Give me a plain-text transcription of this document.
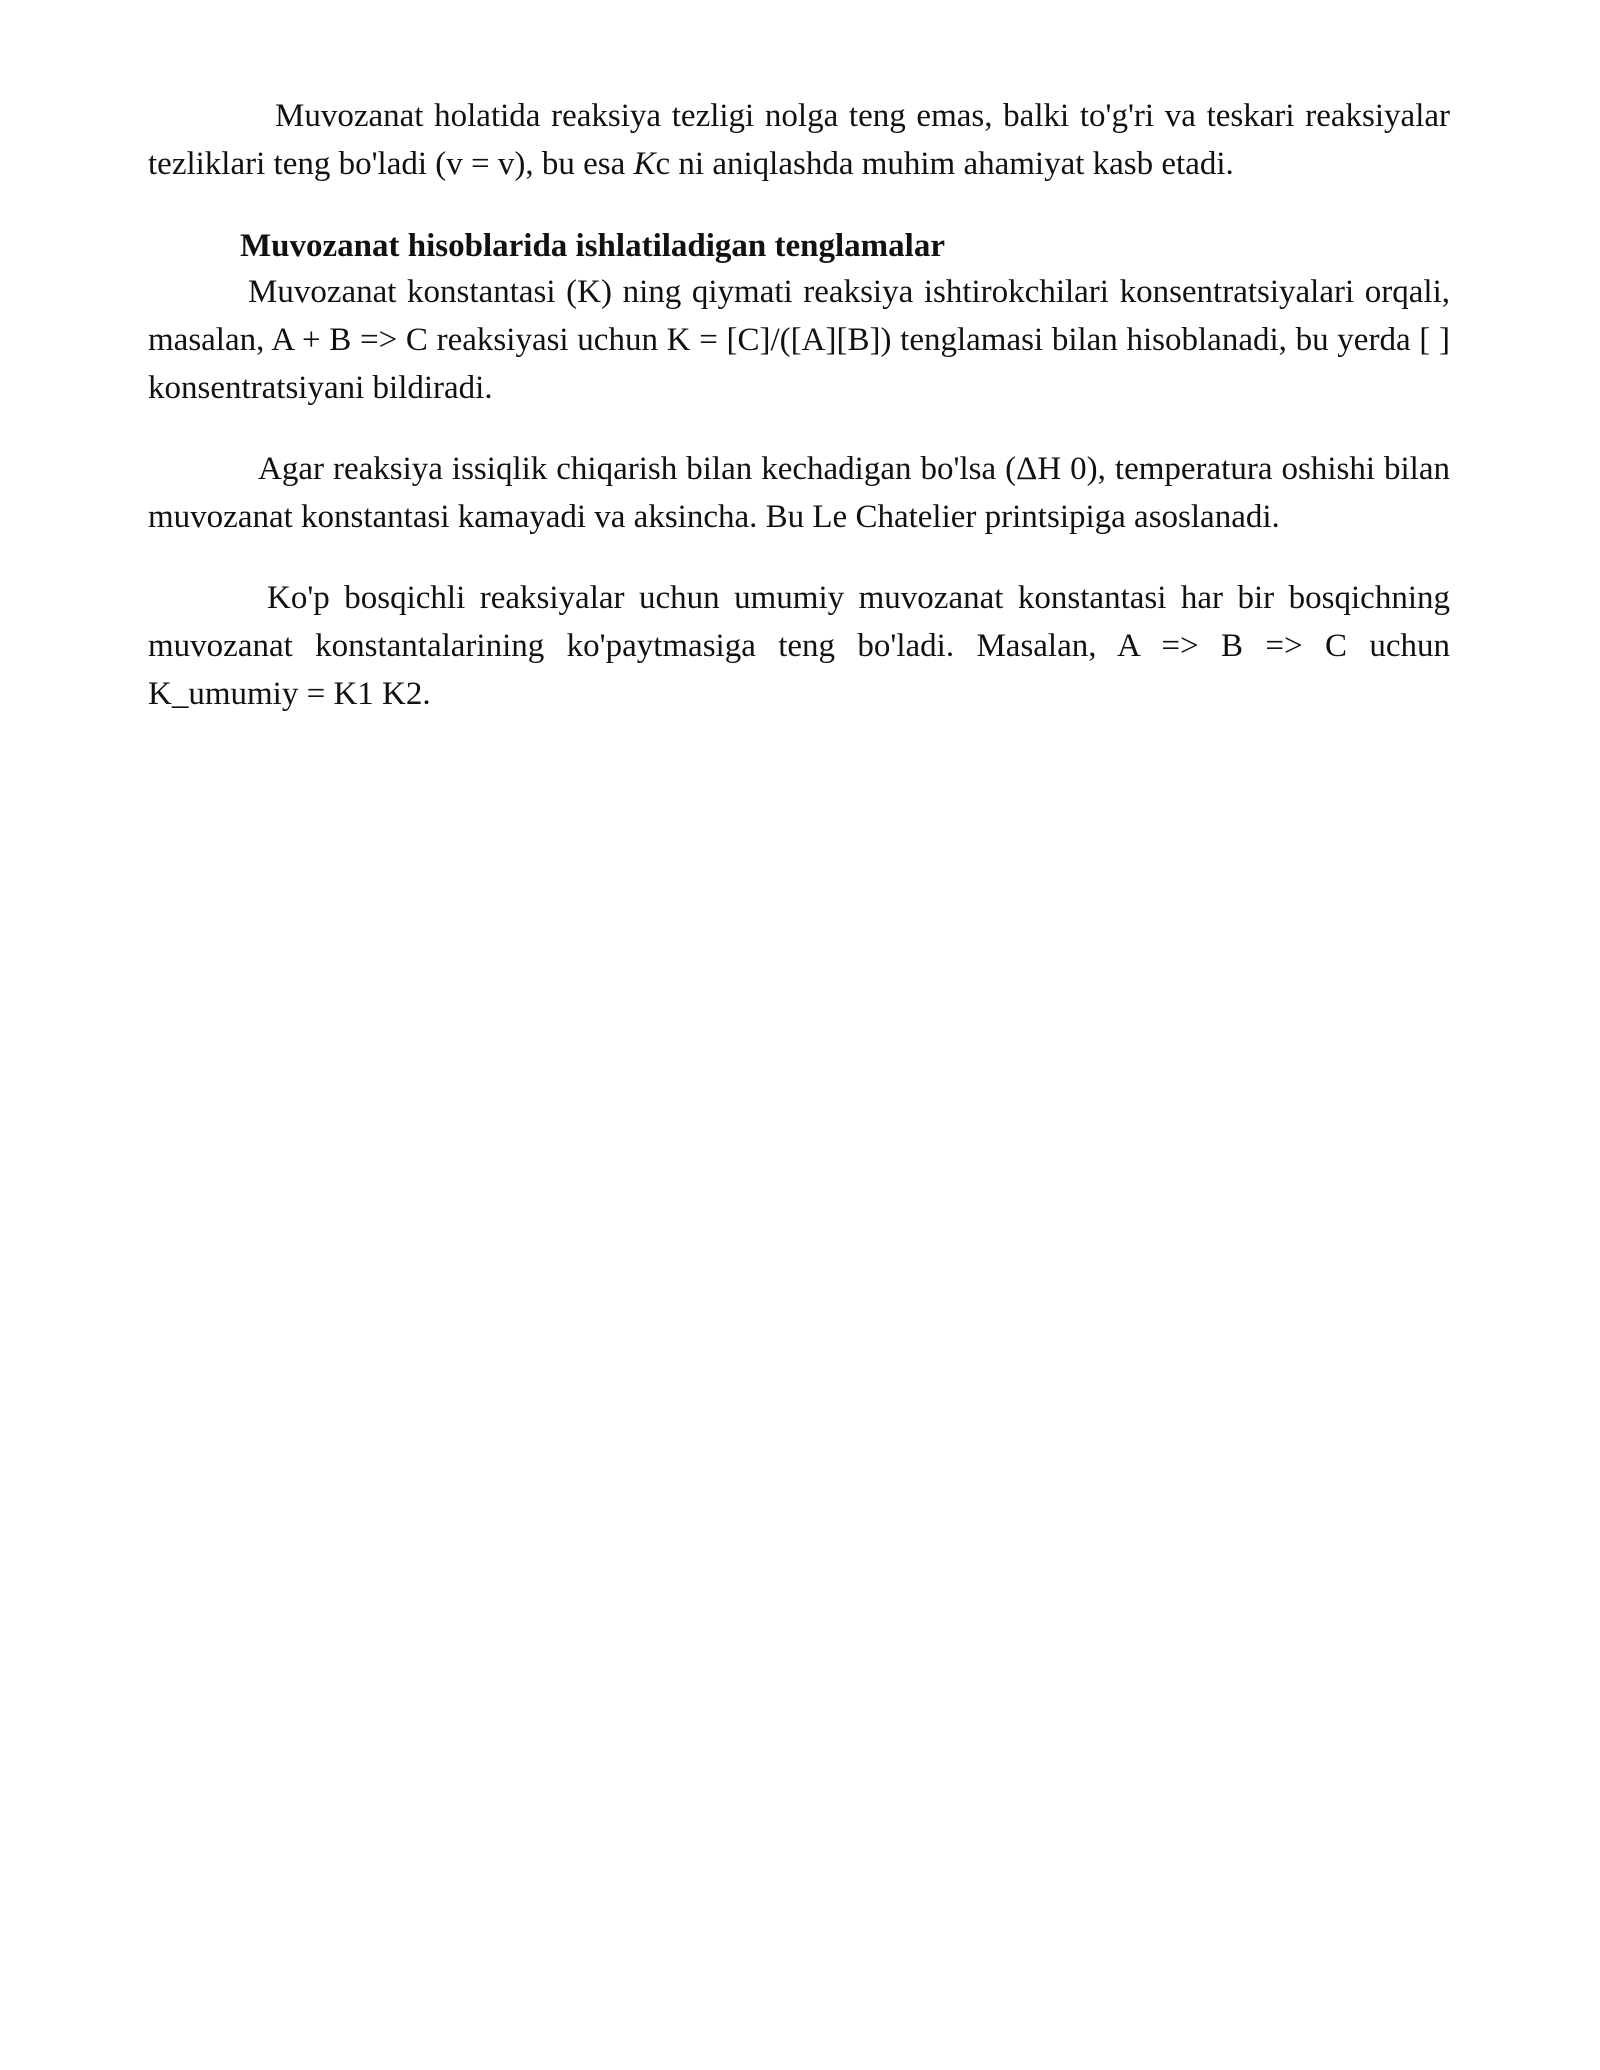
Muvozanat holatida reaksiya tezligi nolga teng emas, balki to'g'ri va teskari reaksiyalar tezliklari teng bo'ladi (v = v), bu esa Kc ni aniqlashda muhim ahamiyat kasb etadi.

Muvozanat hisoblarida ishlatiladigan tenglamalar

Muvozanat konstantasi (K) ning qiymati reaksiya ishtirokchilari konsentratsiyalari orqali, masalan, A + B => C reaksiyasi uchun K = [C]/([A][B]) tenglamasi bilan hisoblanadi, bu yerda [ ] konsentratsiyani bildiradi.

Agar reaksiya issiqlik chiqarish bilan kechadigan bo'lsa (ΔH 0), temperatura oshishi bilan muvozanat konstantasi kamayadi va aksincha. Bu Le Chatelier printsipiga asoslanadi.

Ko'p bosqichli reaksiyalar uchun umumiy muvozanat konstantasi har bir bosqichning muvozanat konstantalarining ko'paytmasiga teng bo'ladi. Masalan, A => B => C uchun K_umumiy = K1 K2.
